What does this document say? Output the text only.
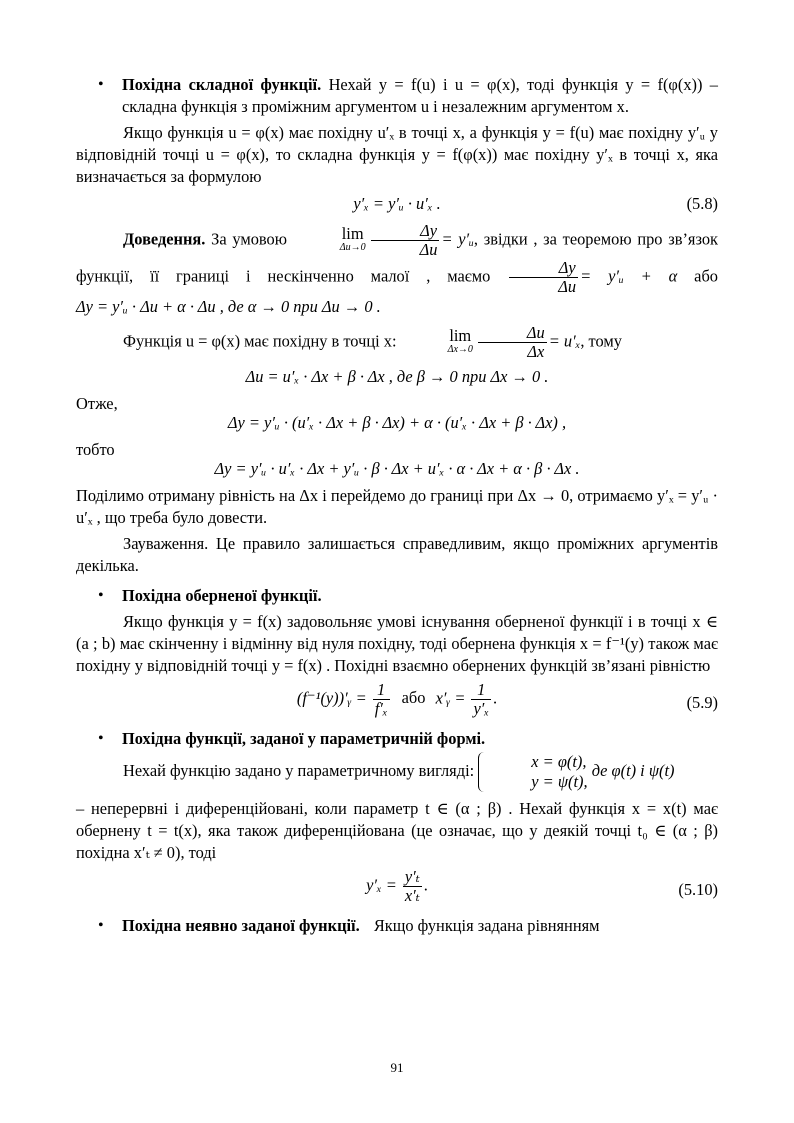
• Похідна складної функції. Нехай y = f(u) і u = φ(x), тоді функція y = f(φ(x)) – складна функція з проміжним аргументом u і незалежним аргументом x.

Якщо функція u = φ(x) має похідну u′ₓ в точці x, а функція y = f(u) має похідну y′ᵤ у відповідній точці u = φ(x), то складна функція y = f(φ(x)) має похідну y′ₓ в точці x, яка визначається за формулою

y′ₓ = y′ᵤ · u′ₓ .	(5.8)

Доведення. За умовою	lim
$\Delta u\to 0 \frac{\Delta y}{\Delta u}$ = y′ᵤ, звідки , за теоремою про зв’язок функції, її границі і нескінченно малої , маємо $\frac{\Delta y}{\Delta u}$ = y′ᵤ + α або Δy = y′ᵤ · Δu + α · Δu , де α → 0 при Δu → 0 .

Функція u = φ(x) має похідну в точці x:	lim
$\Delta x\to 0 \frac{\Delta u}{\Delta x} = u'_x$, тому

Δu = u′ₓ · Δx + β · Δx , де β → 0 при Δx → 0 .

Отже,

Δy = y′ᵤ · (u′ₓ · Δx + β · Δx) + α · (u′ₓ · Δx + β · Δx) ,

тобто

Δy = y′ᵤ · u′ₓ · Δx + y′ᵤ · β · Δx + u′ₓ · α · Δx + α · β · Δx .

Поділимо отриману рівність на Δx і перейдемо до границі при Δx → 0, отримаємо y′ₓ = y′ᵤ · u′ₓ , що треба було довести.

Зауваження. Це правило залишається справедливим, якщо проміжних аргументів декілька.

• Похідна оберненої функції.

Якщо функція y = f(x) задовольняє умові існування оберненої функції і в точці x ∈ (a ; b) має скінченну і відмінну від нуля похідну, тоді обернена функція x = f⁻¹(y) також має похідну у відповідній точці y = f(x) . Похідні взаємно обернених функцій зв’язані рівністю

(f⁻¹(y))′ᵧ = $\frac{1}{\text{f′ₓ}}$ або x′ᵧ = $\frac{1}{\text{y′ₓ}}$ .	(5.9)

• Похідна функції, заданої у параметричній формі.

Нехай функцію задано у параметричному вигляді:	x = φ(t),
y = ψ(t),
де φ(t) і ψ(t)

– неперервні і диференційовані, коли параметр t ∈ (α ; β) . Нехай функція x = x(t) має обернену t = t(x), яка також диференційована (це означає, що у деякій точці t₀ ∈ (α ; β) похідна x′ₜ ≠ 0), тоді

$y'_x = \frac{\text{y′ₜ}}{\text{x′ₜ}}$ .	(5.10)

• Похідна неявно заданої функції. Якщо функція задана рівнянням

91
